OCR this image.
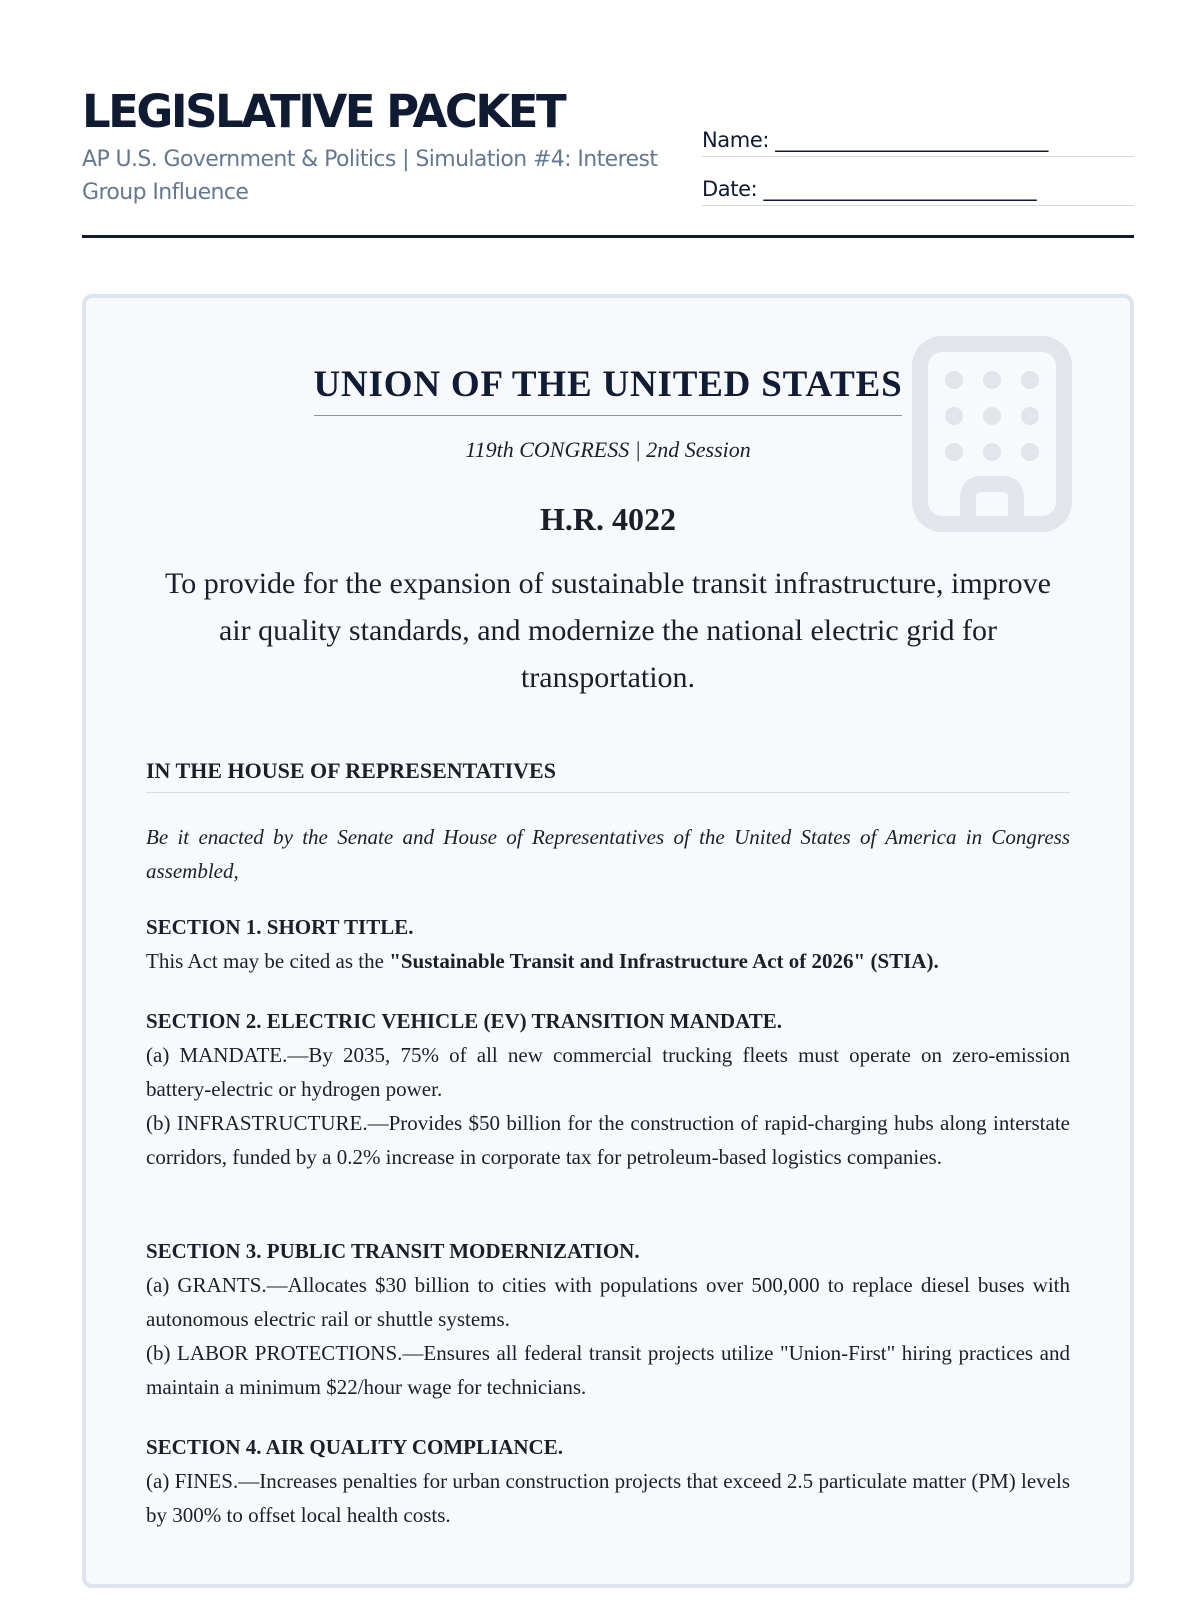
LEGISLATIVE PACKET
AP U.S. Government & Politics | Simulation #4: Interest Group Influence
Name: ___________________________
Date: ___________________________
UNION OF THE UNITED STATES
119th CONGRESS | 2nd Session
H.R. 4022
To provide for the expansion of sustainable transit infrastructure, improve air quality standards, and modernize the national electric grid for transportation.
IN THE HOUSE OF REPRESENTATIVES
Be it enacted by the Senate and House of Representatives of the United States of America in Congress assembled,
SECTION 1. SHORT TITLE.
This Act may be cited as the "Sustainable Transit and Infrastructure Act of 2026" (STIA).
SECTION 2. ELECTRIC VEHICLE (EV) TRANSITION MANDATE.
(a) MANDATE.—By 2035, 75% of all new commercial trucking fleets must operate on zero-emission battery-electric or hydrogen power.
(b) INFRASTRUCTURE.—Provides $50 billion for the construction of rapid-charging hubs along interstate corridors, funded by a 0.2% increase in corporate tax for petroleum-based logistics companies.
SECTION 3. PUBLIC TRANSIT MODERNIZATION.
(a) GRANTS.—Allocates $30 billion to cities with populations over 500,000 to replace diesel buses with autonomous electric rail or shuttle systems.
(b) LABOR PROTECTIONS.—Ensures all federal transit projects utilize "Union-First" hiring practices and maintain a minimum $22/hour wage for technicians.
SECTION 4. AIR QUALITY COMPLIANCE.
(a) FINES.—Increases penalties for urban construction projects that exceed 2.5 particulate matter (PM) levels by 300% to offset local health costs.
